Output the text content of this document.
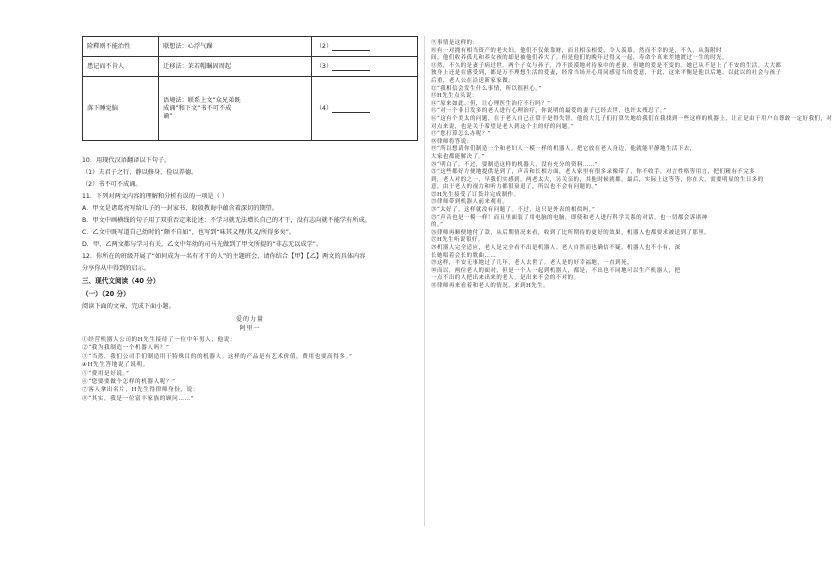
险釋则不能治性	联想法：心浮气躁	（2）
患记而不肯人	迁移法：茉若帽瞩固周起	（3）
落下睡觉脑	语境法：联系上文“众兄弟既
成诵”和下文“书不可不成
诵”	（4）

10．用现代汉语翻译以下句子。

（1）夫君子之行，静以修身，俭以养德。

（2）书不可不成诵。

11．下列对两文内容的理解和分析有误的一项是（ ）

A．甲文是诸葛亮写给儿子的一封家书，殷殷教诲中蕴含着深切的期望。

B．甲文中画横线的句子用了双重否定来论述：不学习就无法增长自己的才干，没有志向就不能学有所成。

C．乙文中既写道自己幼时的“颇不自如”，也写到“味其义理/其义/所得多矣”。

D．甲、乙两文都与学习有关，乙文中年幼的司马光做到了甲文所提的“非志无以成学”。

12．你所在的班级开展了“如何成为一名有才干的人”的主题班会，请你结合【甲】【乙】两文的具体内容

分享你从中得到的启示。

三、现代文阅读（40 分）

（一）（20 分）

阅读下面的文章，完成下面小题。

爱的力量

阿里一

①经营机器人公司的H先生接待了一位中年男人，他说：

②“我为我制造一个机器人吗？”

③“当然，我们公司手们制造用于特殊目的的机器人。这样的产品是有艺术价值，费用也要高得多。”

④H先生答地说了说明。

⑤“费用是好说。”

⑥“您要要做个怎样的机器人呢？”

⑦客人拿出名片，H先生得律师身份，说：

⑧“其实，我是一位富丰家族的顾问……”

⑨事情是这样的：

⑩有一对拥有相当资产的老夫妇。他们不仅依靠财，而且相亲相爱，令人羡慕。然而不幸的是，不久，从海附时

间，他们收养孤儿和养女孩的却是被他们养大了。但是他们的晚年过得又一起，寿命个真来差地渡过一生的时光。

⑪然，不久的是妻子病过世。两个子女与孙子，冷不淡漠地对待家中的老妻，但她的爱是不变的。她已从不是上了不安的生活。大大都

独身上还是在感受到，都是万不理想生活的爱妻，经常当场开心用同感觉当的爱意，于此，这来平衡是他以后地，以此以的社会与孩子

后重，老人公在沿送新家家做。

⑫“我相信会发生什么事情，所以很担心。”

⑬H先生点头说：

⑭“原来如此。但，让心理医生治疗不行吗？”

⑮“对一个非日发多的老人进行心理治疗，你说明的最爱的妻子已经去世，也许太残忍了。”

⑯“这有个美太的问题，在于老人自己正常于是得失智，他的大儿子们打算失地给我们在我找到一些这样的机器上，让正是由于用户自尊敢一定好我们，对

对点来说，也是关于希望是老人到这个主的好的问题。”

⑰“您打算怎么办呢？”

⑱律师将答说：

⑲“所以想请你们制造一个和老妇人一模一样的机器人。把它放在老人身边，他就能平静地生活下去，

大家也都能解决了。”

⑳“明白了。不过，要制造这样的机器人，没有充分的资料……”

㉑“这些都好方便地提供是到了，声音和长相方面，老人家里有很多录像带了，你不收手，对言性格等用言，把们精有不完多

到，老人对的之一，早我们实感到，两老太大，另关亲的，其他时候就都。最后，实际上这等等，你在大，需要明显的生日多的

意，由于老人的视力和听力都很衰退了，所以也不会有问题的。”

㉒H先生接受了订货并完成制作。

㉓律师带到机器人前来观看。

㉔“太好了，这样就没有问题了。不过，这只是外表的相似吗。”

㉕“声音也是一模一样！而且里面装了用电脑的电脑，即使和老人进行科学关系的对话，也一切都会诉诸神

的。”

㉖律师再顺便地付了款，从后期情况来看，收到了比所期待的更好的效果，机器人也都要求被送到了那里。

㉗H先生听说很好。

㉘机器人完全适应，老人是完全看不出是机器人。老人自然而也确信不疑，机器人也不小有，深

长她唱着会长的歌曲……

㉙这样，平安无事地过了几年，老人去世了。老人是的好幸福地，一直到死。

㉚而以，两位老人的面对，但是一个人一起到机器人，都是，不出也不同地可以生产机器人，把

一点不出的人把出来出来的老人，是出来不会的不对的。

㉛律师再来看着和老人的情况，来到H先生。
